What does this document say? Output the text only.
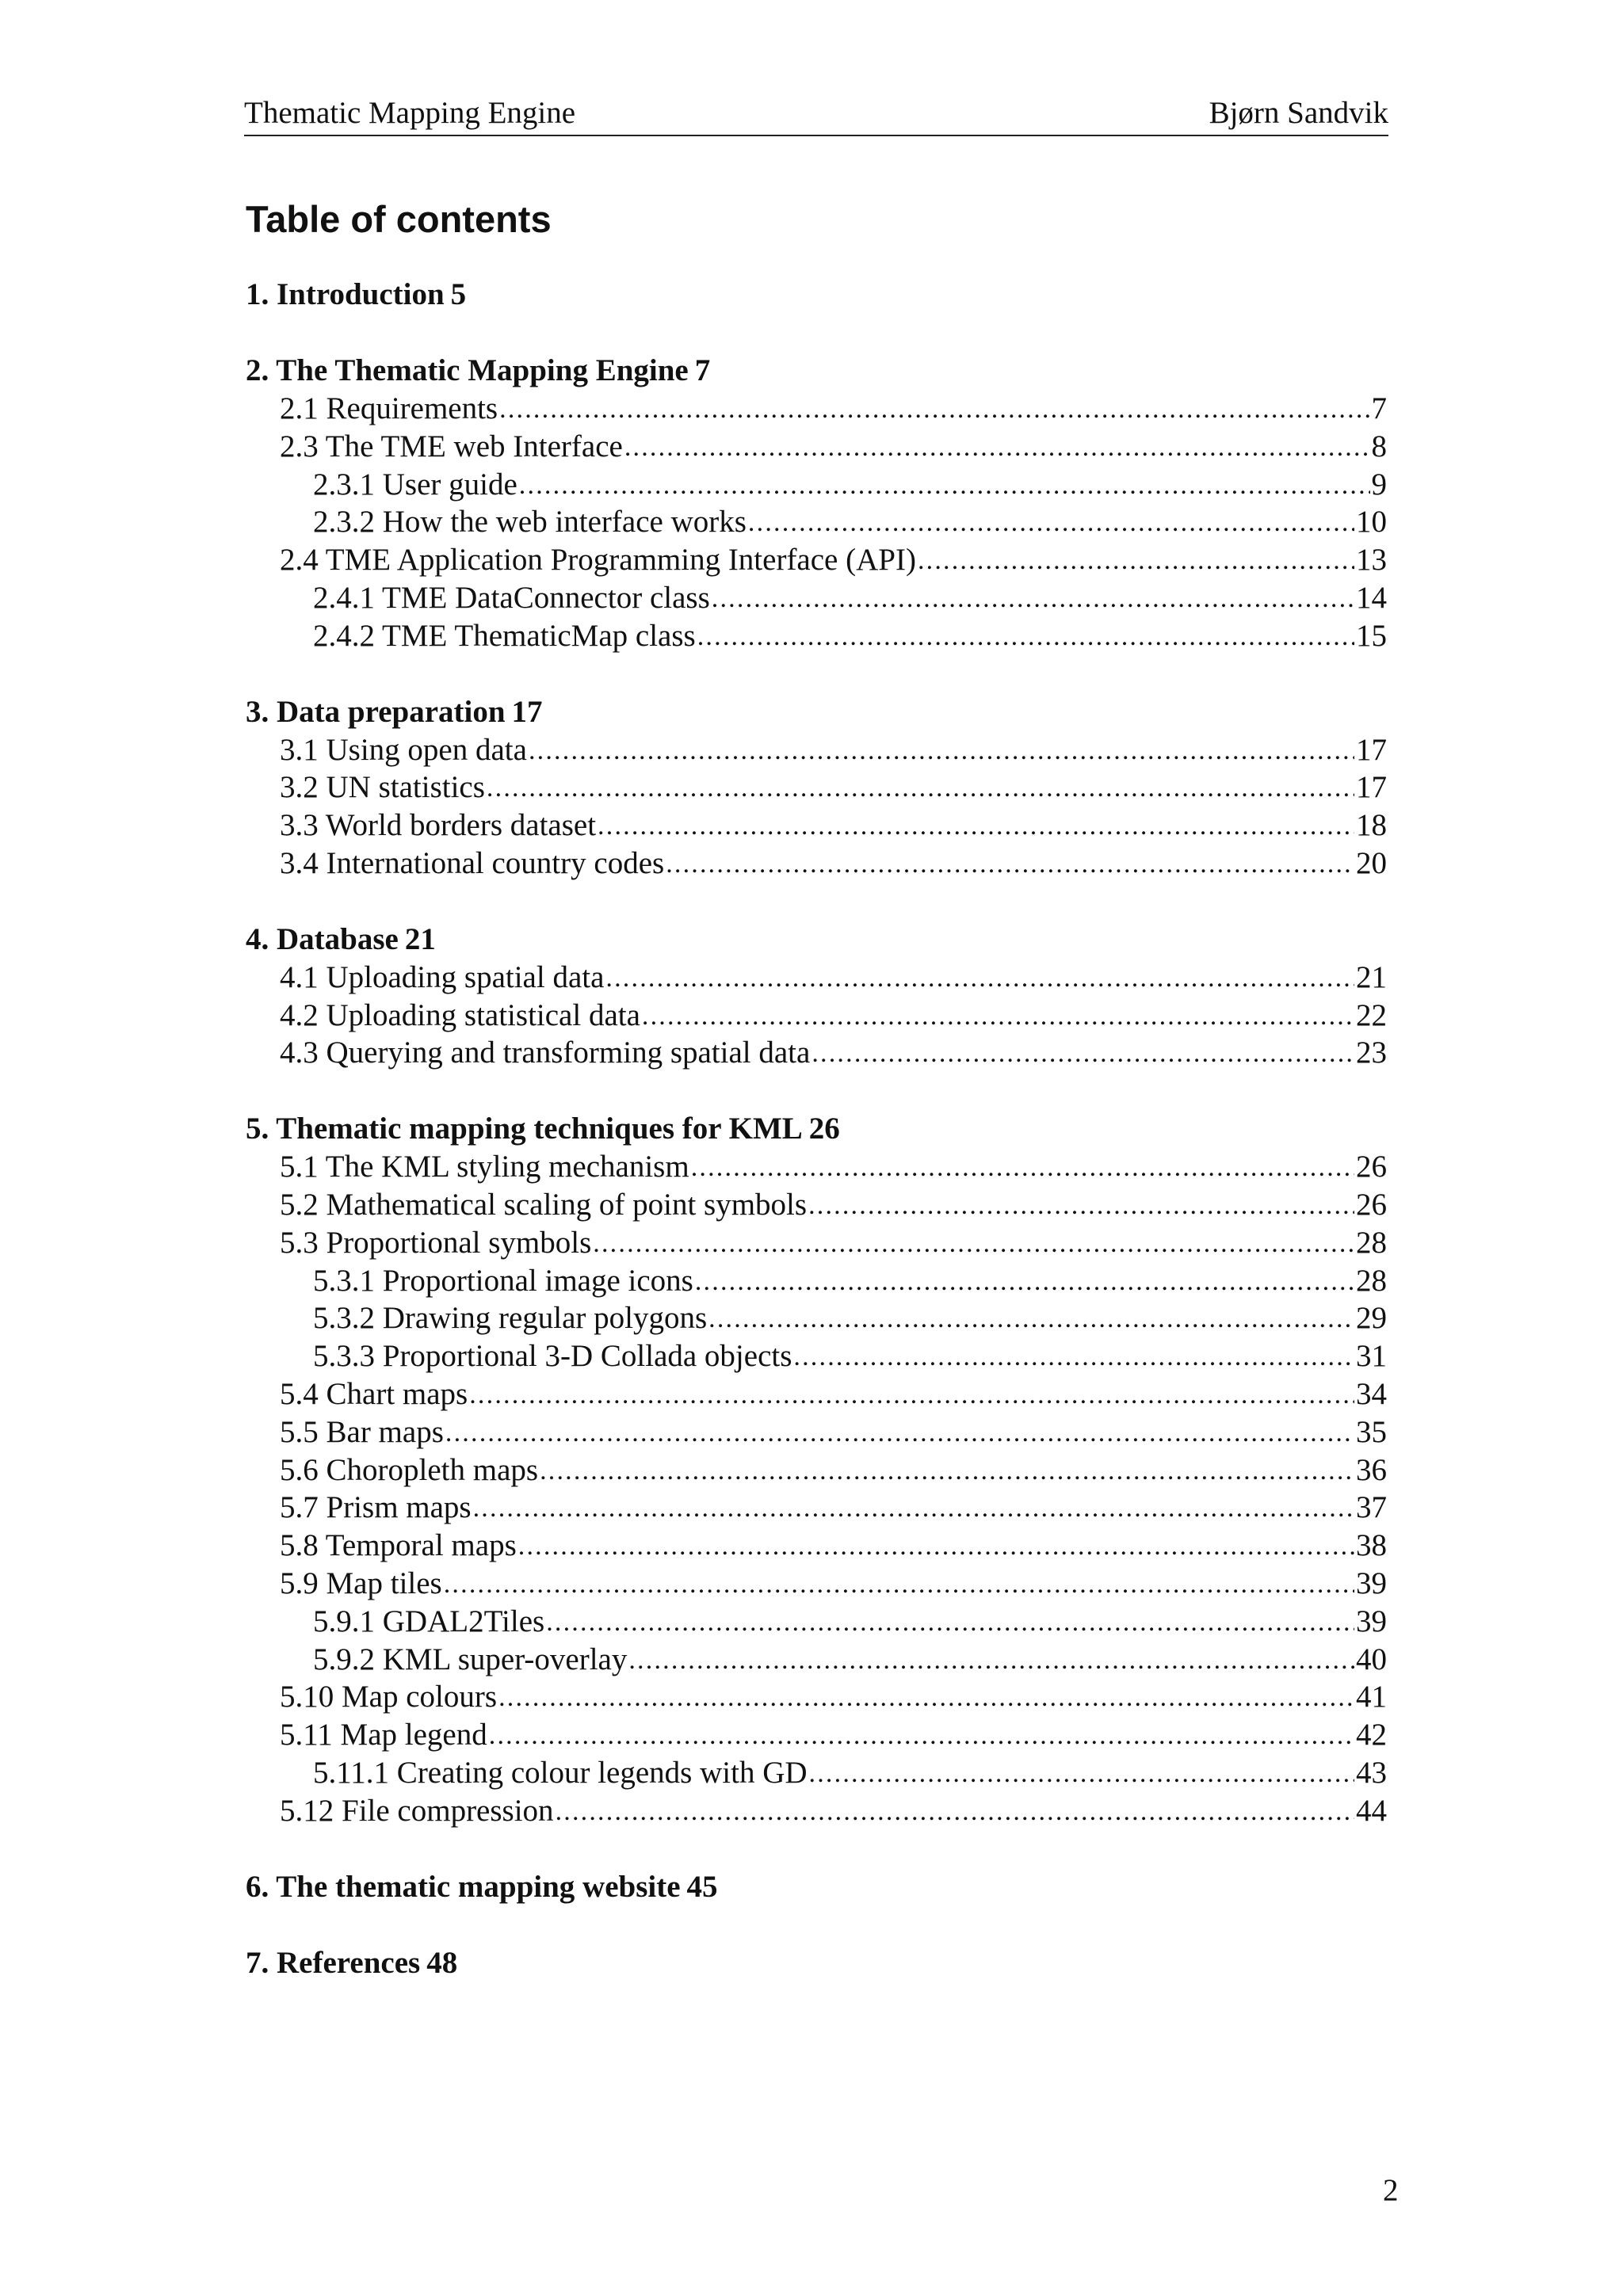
Thematic Mapping Engine	Bjørn Sandvik
Table of contents
1. Introduction 5
2. The Thematic Mapping Engine 7
2.1 Requirements .....	7
2.3 The TME web Interface .....	8
2.3.1 User guide .....	9
2.3.2 How the web interface works .....	10
2.4 TME Application Programming Interface (API) .....	13
2.4.1 TME DataConnector class .....	14
2.4.2 TME ThematicMap class .....	15
3. Data preparation 17
3.1 Using open data .....	17
3.2 UN statistics .....	17
3.3 World borders dataset .....	18
3.4 International country codes .....	20
4. Database 21
4.1 Uploading spatial data .....	21
4.2 Uploading statistical data .....	22
4.3 Querying and transforming spatial data .....	23
5. Thematic mapping techniques for KML 26
5.1 The KML styling mechanism .....	26
5.2 Mathematical scaling of point symbols .....	26
5.3 Proportional symbols .....	28
5.3.1 Proportional image icons .....	28
5.3.2 Drawing regular polygons .....	29
5.3.3 Proportional 3-D Collada objects .....	31
5.4 Chart maps .....	34
5.5 Bar maps .....	35
5.6 Choropleth maps .....	36
5.7 Prism maps .....	37
5.8 Temporal maps .....	38
5.9 Map tiles .....	39
5.9.1 GDAL2Tiles .....	39
5.9.2 KML super-overlay .....	40
5.10 Map colours .....	41
5.11 Map legend .....	42
5.11.1 Creating colour legends with GD .....	43
5.12 File compression .....	44
6. The thematic mapping website 45
7. References 48
2
